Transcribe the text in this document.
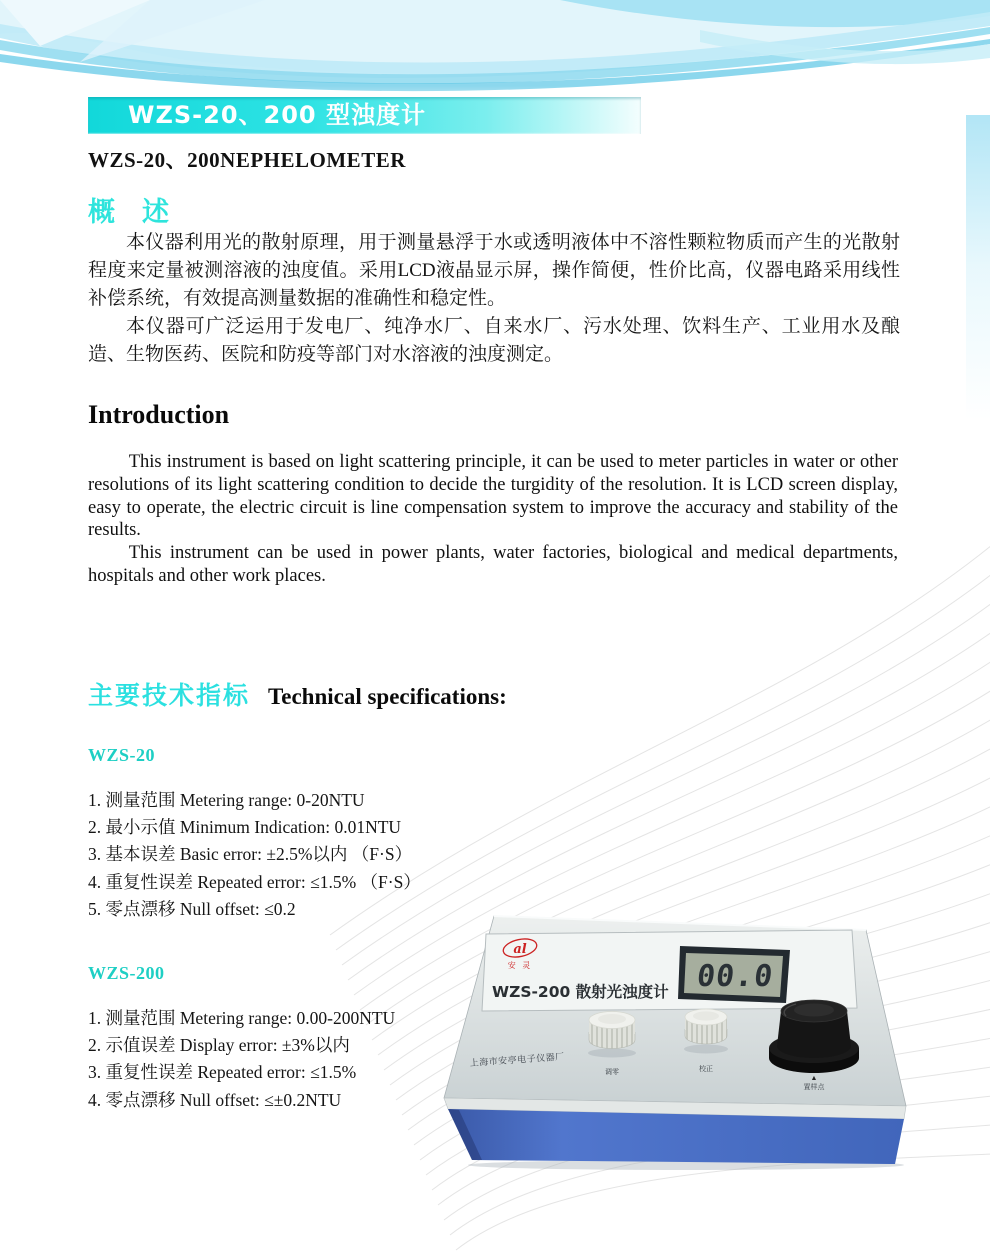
WZS-20、200 型浊度计
WZS-20、200NEPHELOMETER
概　述

本仪器利用光的散射原理，用于测量悬浮于水或透明液体中不溶性颗粒物质而产生的光散射程度来定量被测溶液的浊度值。采用LCD液晶显示屏，操作简便，性价比高，仪器电路采用线性补偿系统，有效提高测量数据的准确性和稳定性。

本仪器可广泛运用于发电厂、纯净水厂、自来水厂、污水处理、饮料生产、工业用水及酿造、生物医药、医院和防疫等部门对水溶液的浊度测定。

Introduction

This instrument is based on light scattering principle, it can be used to meter particles in water or other resolutions of its light scattering condition to decide the turgidity of the resolution. It is LCD screen display, easy to operate, the electric circuit is line compensation system to improve the accuracy and stability of the results.

This instrument can be used in power plants, water factories, biological and medical departments, hospitals and other work places.

主要技术指标 Technical specifications:
WZS-20
1. 测量范围 Metering range: 0-20NTU
2. 最小示值 Minimum Indication: 0.01NTU
3. 基本误差 Basic error: ±2.5%以内 （F·S）
4. 重复性误差 Repeated error: ≤1.5% （F·S）
5. 零点漂移 Null offset: ≤0.2
WZS-200
1. 测量范围 Metering range: 0.00-200NTU
2. 示值误差 Display error: ±3%以内
3. 重复性误差 Repeated error: ≤1.5%
4. 零点漂移 Null offset: ≤±0.2NTU
al
安 灵
WZS-200 散射光浊度计 00.0
调零	校正
▲
置样点
上海市安亭电子仪器厂
